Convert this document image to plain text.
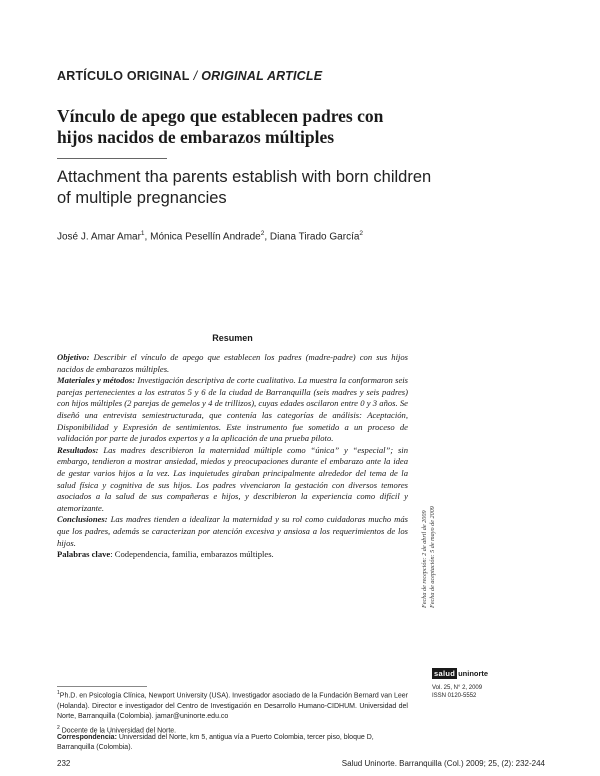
ARTÍCULO ORIGINAL / ORIGINAL ARTICLE
Vínculo de apego que establecen padres con hijos nacidos de embarazos múltiples
Attachment tha parents establish with born children of multiple pregnancies
José J. Amar Amar$^1$, Mónica Pesellín Andrade$^2$, Diana Tirado García$^2$
Resumen

Objetivo: Describir el vínculo de apego que establecen los padres (madre-padre) con sus hijos nacidos de embarazos múltiples.

Materiales y métodos: Investigación descriptiva de corte cualitativo. La muestra la conformaron seis parejas pertenecientes a los estratos 5 y 6 de la ciudad de Barranquilla (seis madres y seis padres) con hijos múltiples (2 parejas de gemelos y 4 de trillizos), cuyas edades oscilaron entre 0 y 3 años. Se diseñó una entrevista semiestructurada, que contenía las categorías de análisis: Aceptación, Disponibilidad y Expresión de sentimientos. Este instrumento fue sometido a un proceso de validación por parte de jurados expertos y a la aplicación de una prueba piloto.

Resultados: Las madres describieron la maternidad múltiple como “única” y “especial”; sin embargo, tendieron a mostrar ansiedad, miedos y preocupaciones durante el embarazo ante la idea de gestar varios hijos a la vez. Las inquietudes giraban principalmente alrededor del tema de la salud física y cognitiva de sus hijos. Los padres vivenciaron la gestación con diversos temores asociados a la salud de sus compañeras e hijos, y describieron la experiencia como difícil y atemorizante.

Conclusiones: Las madres tienden a idealizar la maternidad y su rol como cuidadoras mucho más que los padres, además se caracterizan por atención excesiva y ansiosa a los requerimientos de los hijos.

Palabras clave: Codependencia, familia, embarazos múltiples.	Fecha de recepción: 2 de abril de 2009 Fecha de aceptación: 5 de mayo de 2009

$^1$Ph.D. en Psicología Clínica, Newport University (USA). Investigador asociado de la Fundación Bernard van Leer (Holanda). Director e investigador del Centro de Investigación en Desarrollo Humano-CIDHUM. Universidad del Norte, Barranquilla (Colombia). jamar@uninorte.edu.co

$^2$ Docente de la Universidad del Norte.

Correspondencia: Universidad del Norte, km 5, antigua vía a Puerto Colombia, tercer piso, bloque D, Barranquilla (Colombia).
salud uninorte
Vol. 25, N° 2, 2009
ISSN 0120-5552
232	Salud Uninorte. Barranquilla (Col.) 2009; 25, (2): 232-244
